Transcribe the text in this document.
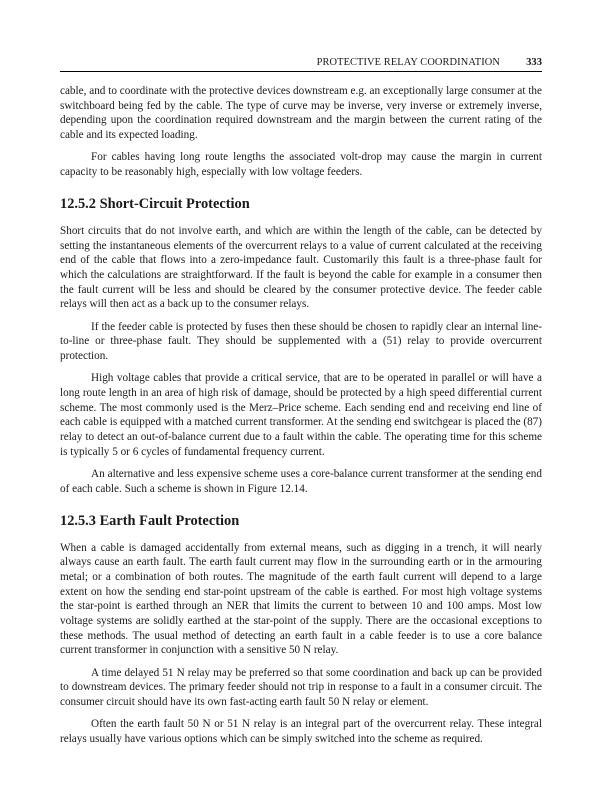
PROTECTIVE RELAY COORDINATION 333

cable, and to coordinate with the protective devices downstream e.g. an exceptionally large consumer at the switchboard being fed by the cable. The type of curve may be inverse, very inverse or extremely inverse, depending upon the coordination required downstream and the margin between the current rating of the cable and its expected loading.

For cables having long route lengths the associated volt-drop may cause the margin in current capacity to be reasonably high, especially with low voltage feeders.

12.5.2 Short-Circuit Protection

Short circuits that do not involve earth, and which are within the length of the cable, can be detected by setting the instantaneous elements of the overcurrent relays to a value of current calculated at the receiving end of the cable that flows into a zero-impedance fault. Customarily this fault is a three-phase fault for which the calculations are straightforward. If the fault is beyond the cable for example in a consumer then the fault current will be less and should be cleared by the consumer protective device. The feeder cable relays will then act as a back up to the consumer relays.

If the feeder cable is protected by fuses then these should be chosen to rapidly clear an internal line-to-line or three-phase fault. They should be supplemented with a (51) relay to provide overcurrent protection.

High voltage cables that provide a critical service, that are to be operated in parallel or will have a long route length in an area of high risk of damage, should be protected by a high speed differential current scheme. The most commonly used is the Merz–Price scheme. Each sending end and receiving end line of each cable is equipped with a matched current transformer. At the sending end switchgear is placed the (87) relay to detect an out-of-balance current due to a fault within the cable. The operating time for this scheme is typically 5 or 6 cycles of fundamental frequency current.

An alternative and less expensive scheme uses a core-balance current transformer at the sending end of each cable. Such a scheme is shown in Figure 12.14.

12.5.3 Earth Fault Protection

When a cable is damaged accidentally from external means, such as digging in a trench, it will nearly always cause an earth fault. The earth fault current may flow in the surrounding earth or in the armouring metal; or a combination of both routes. The magnitude of the earth fault current will depend to a large extent on how the sending end star-point upstream of the cable is earthed. For most high voltage systems the star-point is earthed through an NER that limits the current to between 10 and 100 amps. Most low voltage systems are solidly earthed at the star-point of the supply. There are the occasional exceptions to these methods. The usual method of detecting an earth fault in a cable feeder is to use a core balance current transformer in conjunction with a sensitive 50 N relay.

A time delayed 51 N relay may be preferred so that some coordination and back up can be provided to downstream devices. The primary feeder should not trip in response to a fault in a consumer circuit. The consumer circuit should have its own fast-acting earth fault 50 N relay or element.

Often the earth fault 50 N or 51 N relay is an integral part of the overcurrent relay. These integral relays usually have various options which can be simply switched into the scheme as required.
